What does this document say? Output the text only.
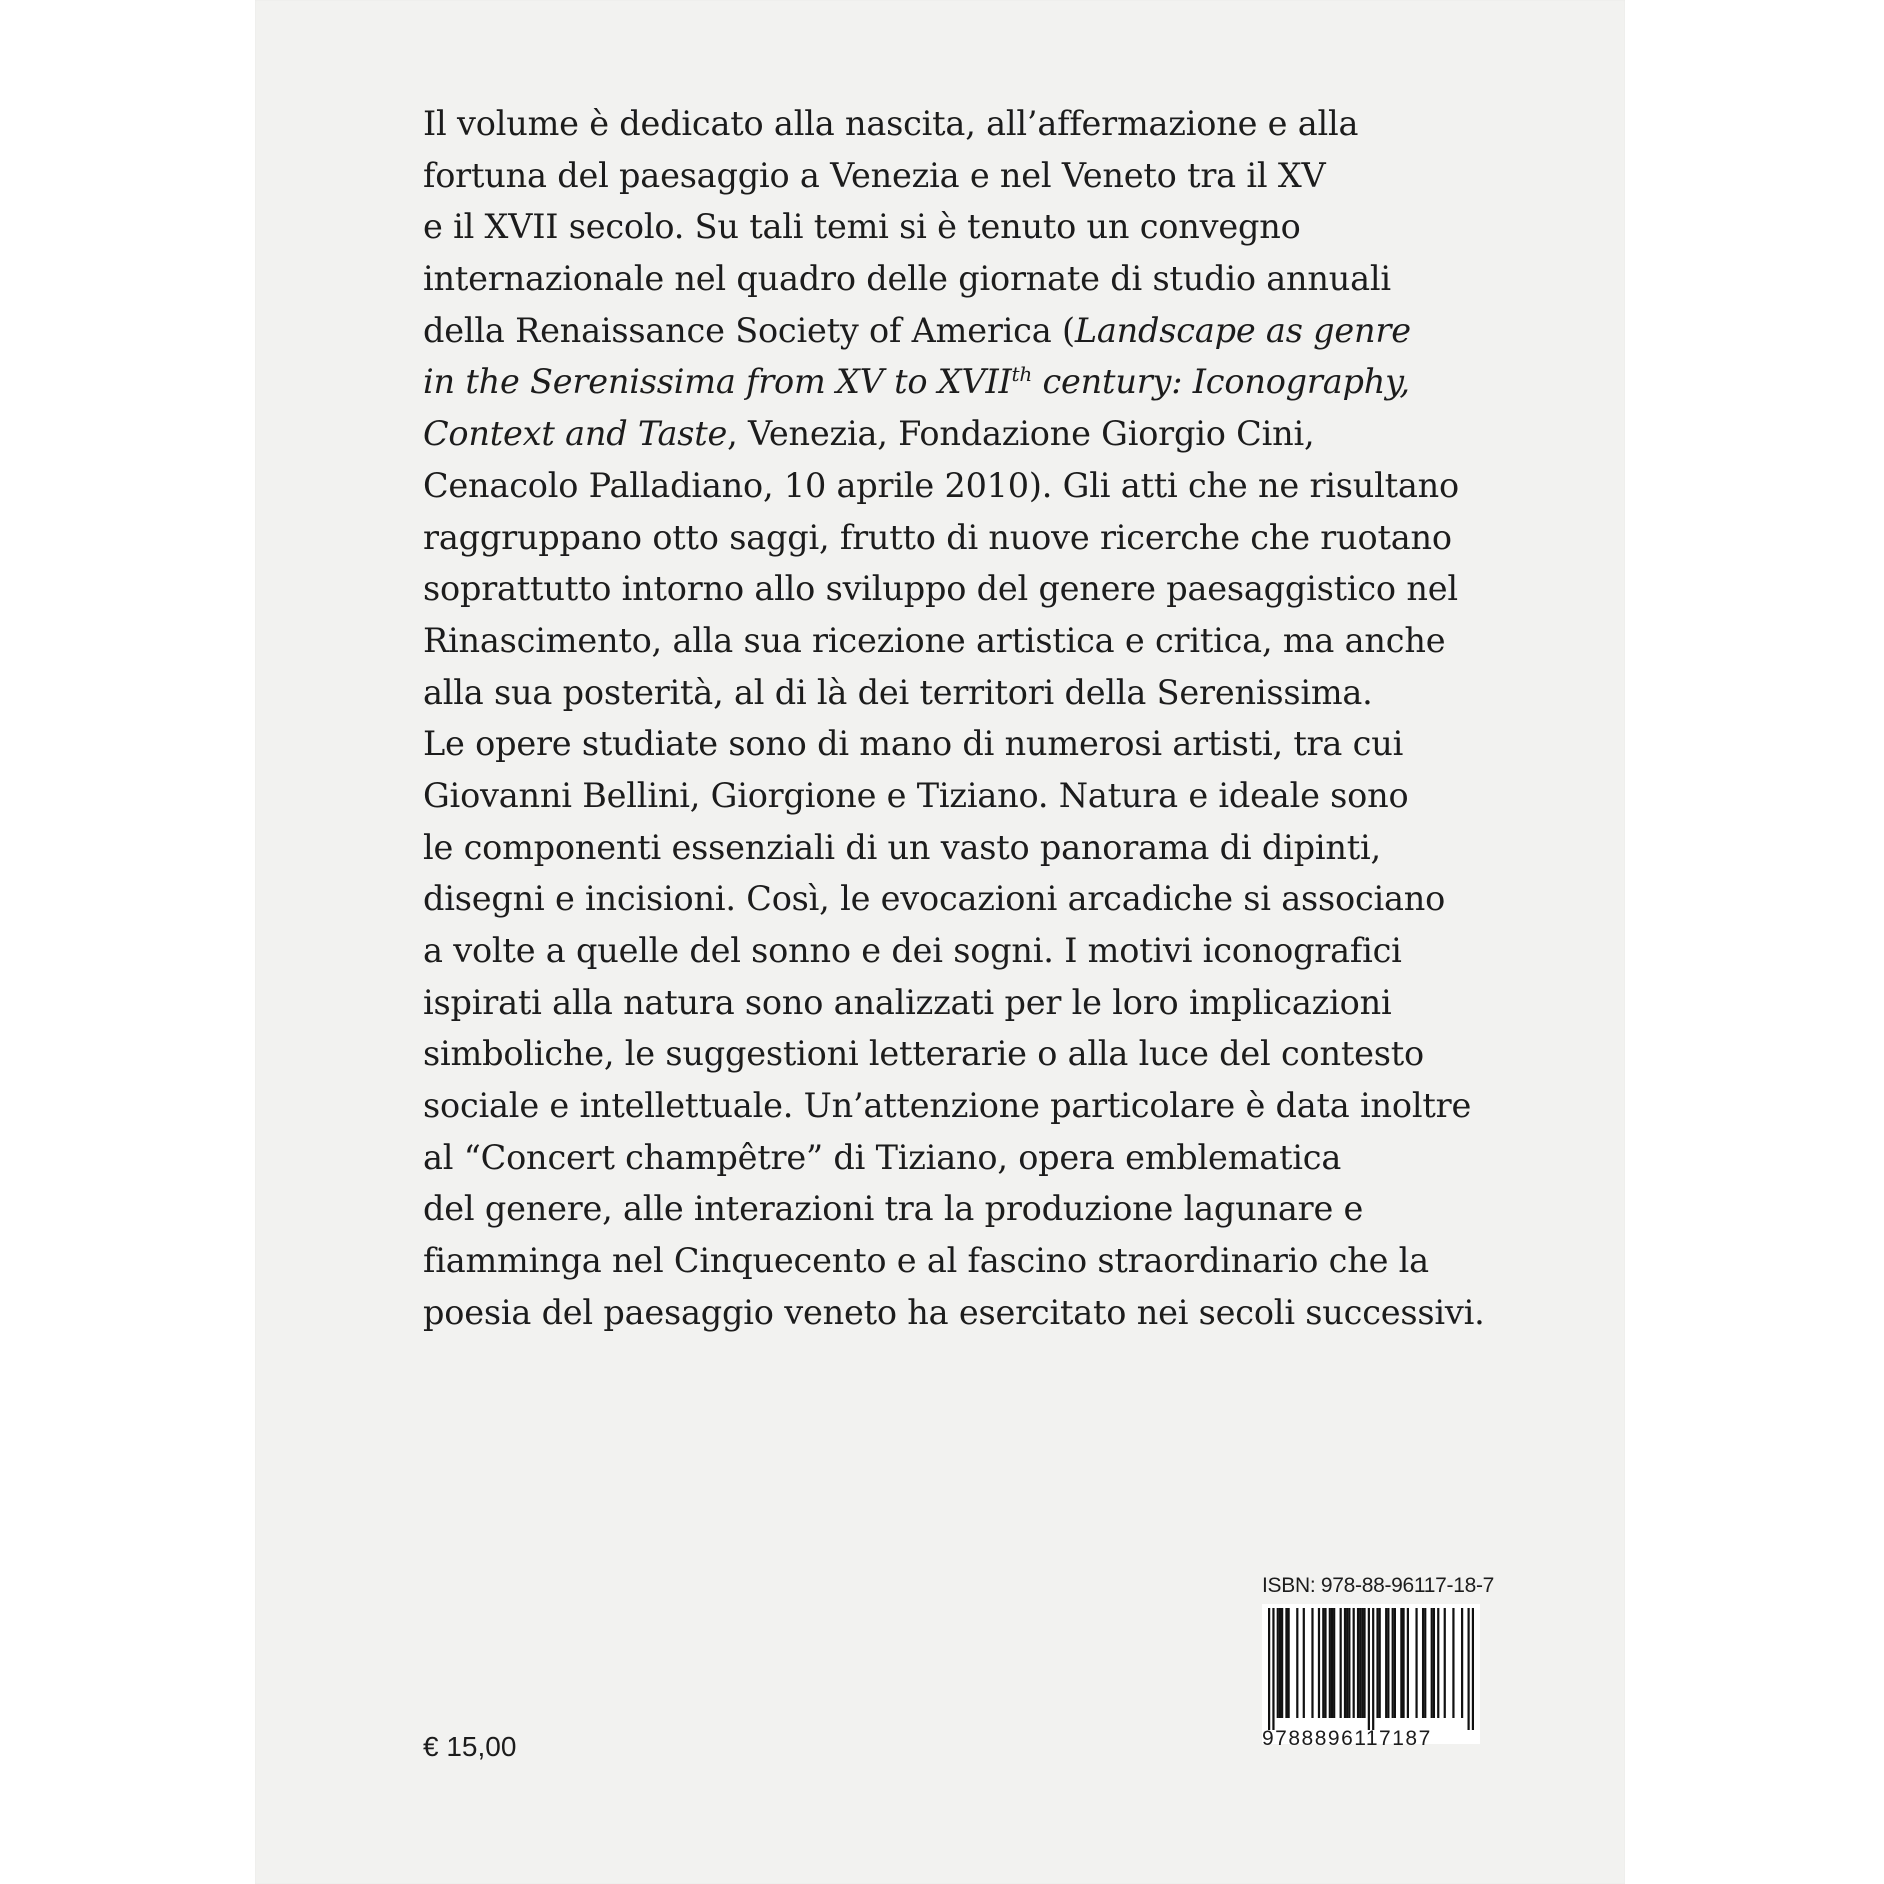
Il volume è dedicato alla nascita, all’affermazione e alla
fortuna del paesaggio a Venezia e nel Veneto tra il XV
e il XVII secolo. Su tali temi si è tenuto un convegno
internazionale nel quadro delle giornate di studio annuali
della Renaissance Society of America (Landscape as genre
in the Serenissima from XV to XVIIth century: Iconography,
Context and Taste, Venezia, Fondazione Giorgio Cini,
Cenacolo Palladiano, 10 aprile 2010). Gli atti che ne risultano
raggruppano otto saggi, frutto di nuove ricerche che ruotano
soprattutto intorno allo sviluppo del genere paesaggistico nel
Rinascimento, alla sua ricezione artistica e critica, ma anche
alla sua posterità, al di là dei territori della Serenissima.
Le opere studiate sono di mano di numerosi artisti, tra cui
Giovanni Bellini, Giorgione e Tiziano. Natura e ideale sono
le componenti essenziali di un vasto panorama di dipinti,
disegni e incisioni. Così, le evocazioni arcadiche si associano
a volte a quelle del sonno e dei sogni. I motivi iconografici
ispirati alla natura sono analizzati per le loro implicazioni
simboliche, le suggestioni letterarie o alla luce del contesto
sociale e intellettuale. Un’attenzione particolare è data inoltre
al “Concert champêtre” di Tiziano, opera emblematica
del genere, alle interazioni tra la produzione lagunare e
fiamminga nel Cinquecento e al fascino straordinario che la
poesia del paesaggio veneto ha esercitato nei secoli successivi.
ISBN: 978-88-96117-18-7
9788896117187
€ 15,00
